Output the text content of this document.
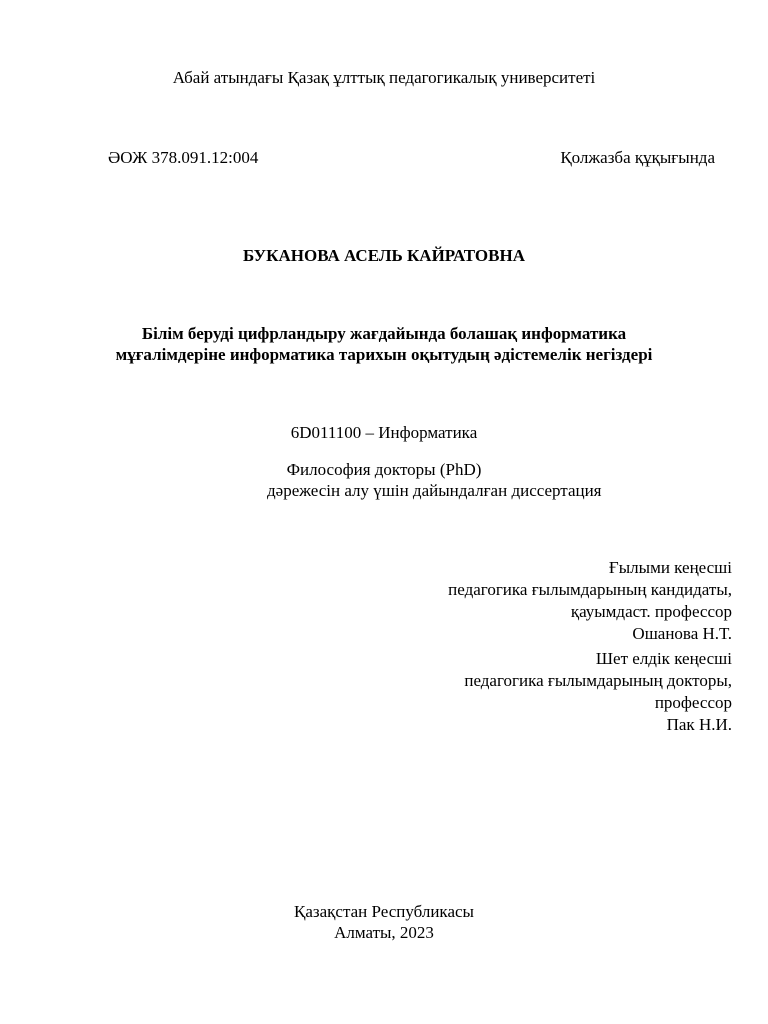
Абай атындағы Қазақ ұлттық педагогикалық университеті
ӘОЖ 378.091.12:004	Қолжазба құқығында
БУКАНОВА АСЕЛЬ КАЙРАТОВНА
Білім беруді цифрландыру жағдайында болашақ информатика
мұғалімдеріне информатика тарихын оқытудың әдістемелік негіздері
6D011100 – Информатика
Философия докторы (PhD)
дәрежесін алу үшін дайындалған диссертация
Ғылыми кеңесші
педагогика ғылымдарының кандидаты,
қауымдаст. профессор
Ошанова Н.Т.
Шет елдік кеңесші
педагогика ғылымдарының докторы,
профессор
Пак Н.И.
Қазақстан Республикасы
Алматы, 2023
